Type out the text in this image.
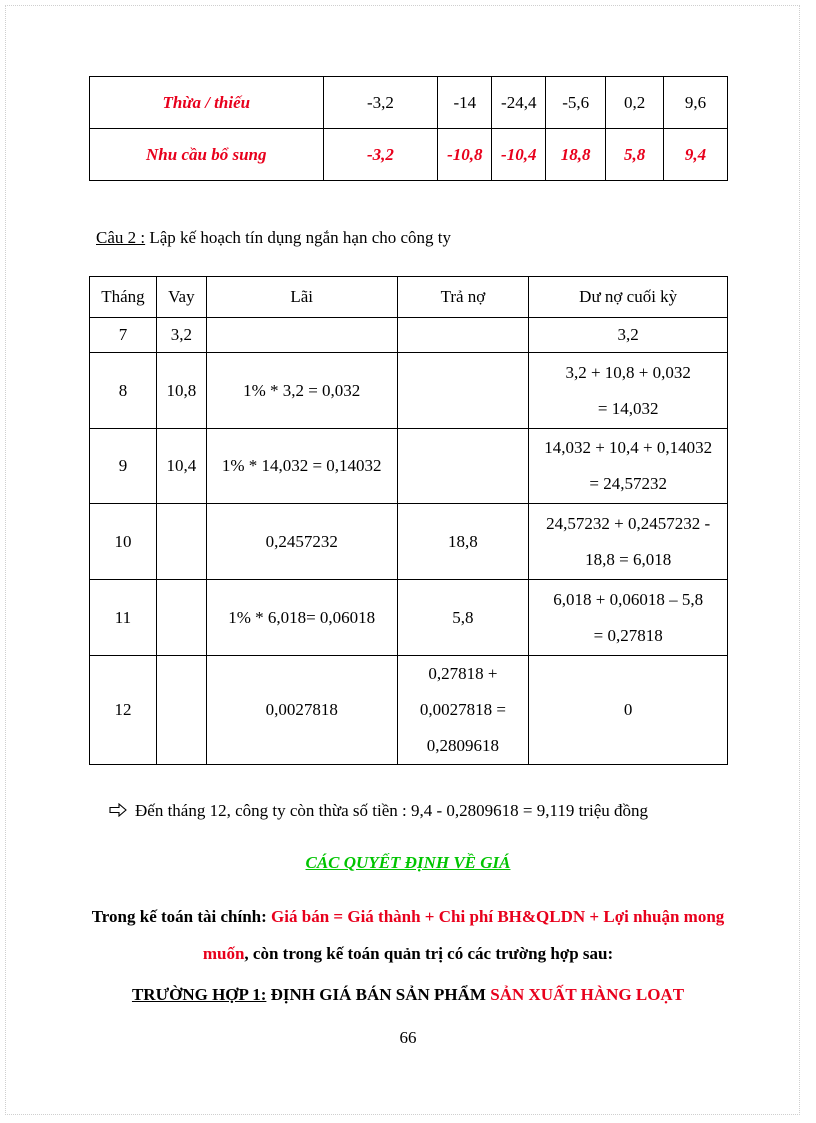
Thừa / thiếu	-3,2	-14	-24,4	-5,6	0,2	9,6
Nhu cầu bổ sung	-3,2	-10,8	-10,4	18,8	5,8	9,4
Câu 2 : Lập kế hoạch tín dụng ngắn hạn cho công ty
Tháng	Vay	Lãi	Trả nợ	Dư nợ cuối kỳ
7	3,2			3,2
8	10,8	1% * 3,2 = 0,032		3,2 + 10,8 + 0,032
= 14,032

9	10,4	1% * 14,032 = 0,14032		14,032 + 10,4 + 0,14032
= 24,57232

10		0,2457232	18,8	24,57232 + 0,2457232 -
18,8 = 6,018

11		1% * 6,018= 0,06018	5,8	6,018 + 0,06018 – 5,8
= 0,27818

12		0,0027818	0,27818 +
0,0027818 =
0,2809618	0
Đến tháng 12, công ty còn thừa số tiền : 9,4 - 0,2809618 = 9,119 triệu đồng
CÁC QUYẾT ĐỊNH VỀ GIÁ
Trong kế toán tài chính: Giá bán = Giá thành + Chi phí BH&QLDN + Lợi nhuận mong muốn, còn trong kế toán quản trị có các trường hợp sau:
TRƯỜNG HỢP 1: ĐỊNH GIÁ BÁN SẢN PHẨM SẢN XUẤT HÀNG LOẠT
66
